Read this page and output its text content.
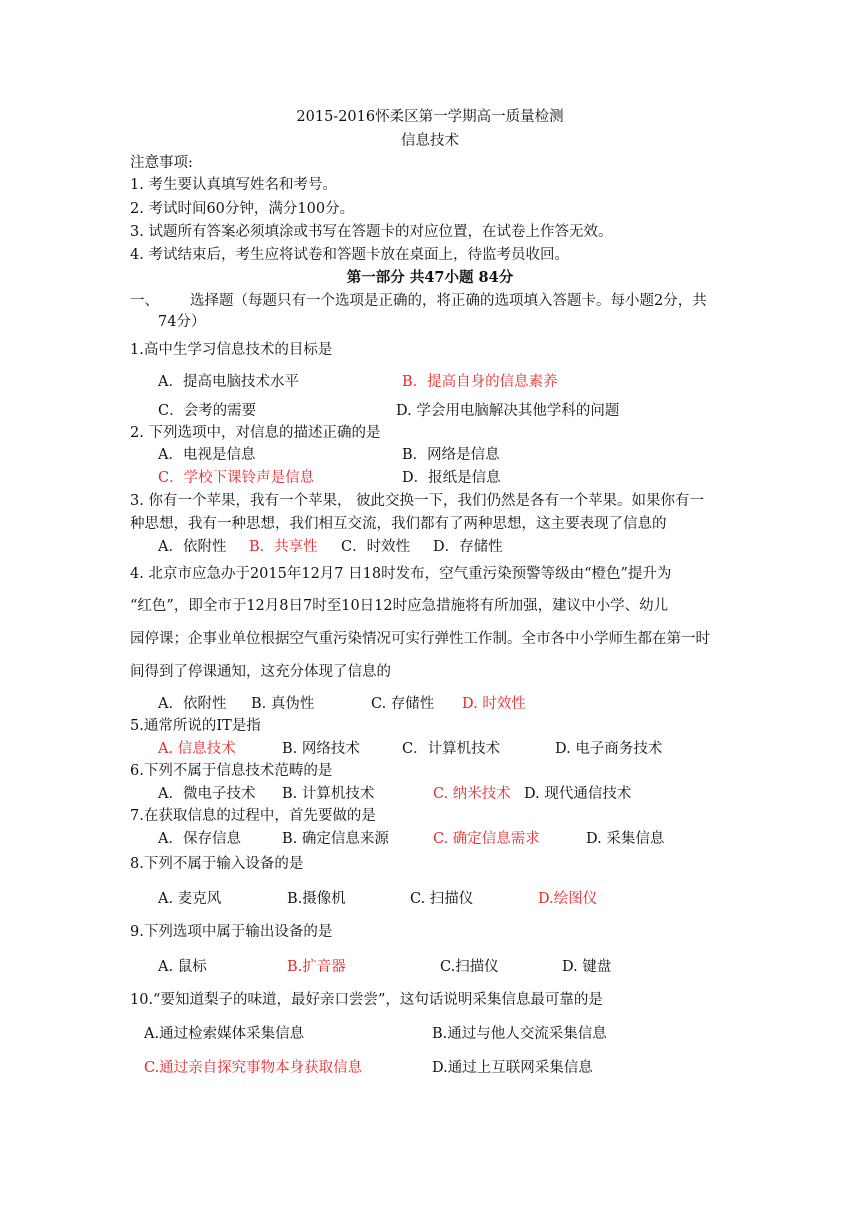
2015-2016怀柔区第一学期高一质量检测
信息技术
注意事项:
1. 考生要认真填写姓名和考号。
2. 考试时间60分钟，满分100分。
3. 试题所有答案必须填涂或书写在答题卡的对应位置，在试卷上作答无效。
4. 考试结束后，考生应将试卷和答题卡放在桌面上，待监考员收回。
第一部分 共47小题 84分
一、 选择题（每题只有一个选项是正确的，将正确的选项填入答题卡。每小题2分，共
74分）
1.高中生学习信息技术的目标是
A．提高电脑技术水平	B．提高自身的信息素养
C．会考的需要	D. 学会用电脑解决其他学科的问题
2. 下列选项中，对信息的描述正确的是
A．电视是信息	B．网络是信息
C．学校下课铃声是信息	D．报纸是信息
3. 你有一个苹果，我有一个苹果， 彼此交换一下，我们仍然是各有一个苹果。如果你有一
种思想，我有一种思想，我们相互交流，我们都有了两种思想，这主要表现了信息的
A．依附性 B．共享性 C．时效性 D．存储性
4. 北京市应急办于2015年12月7 日18时发布，空气重污染预警等级由“橙色”提升为
“红色”，即全市于12月8日7时至10日12时应急措施将有所加强，建议中小学、幼儿
园停课；企事业单位根据空气重污染情况可实行弹性工作制。全市各中小学师生都在第一时
间得到了停课通知，这充分体现了信息的
A．依附性 B. 真伪性	C. 存储性 D. 时效性
5.通常所说的IT是指
A. 信息技术	B. 网络技术	C．计算机技术	D. 电子商务技术
6.下列不属于信息技术范畴的是
A．微电子技术 B. 计算机技术	C. 纳米技术 D. 现代通信技术
7.在获取信息的过程中，首先要做的是
A．保存信息	B. 确定信息来源	C. 确定信息需求	D. 采集信息
8.下列不属于输入设备的是
A. 麦克风	B.摄像机	C. 扫描仪	D.绘图仪
9.下列选项中属于输出设备的是
A. 鼠标	B.扩音器	C.扫描仪	D. 键盘
10.“要知道梨子的味道，最好亲口尝尝”，这句话说明采集信息最可靠的是
A.通过检索媒体采集信息	B.通过与他人交流采集信息
C.通过亲自探究事物本身获取信息	D.通过上互联网采集信息
